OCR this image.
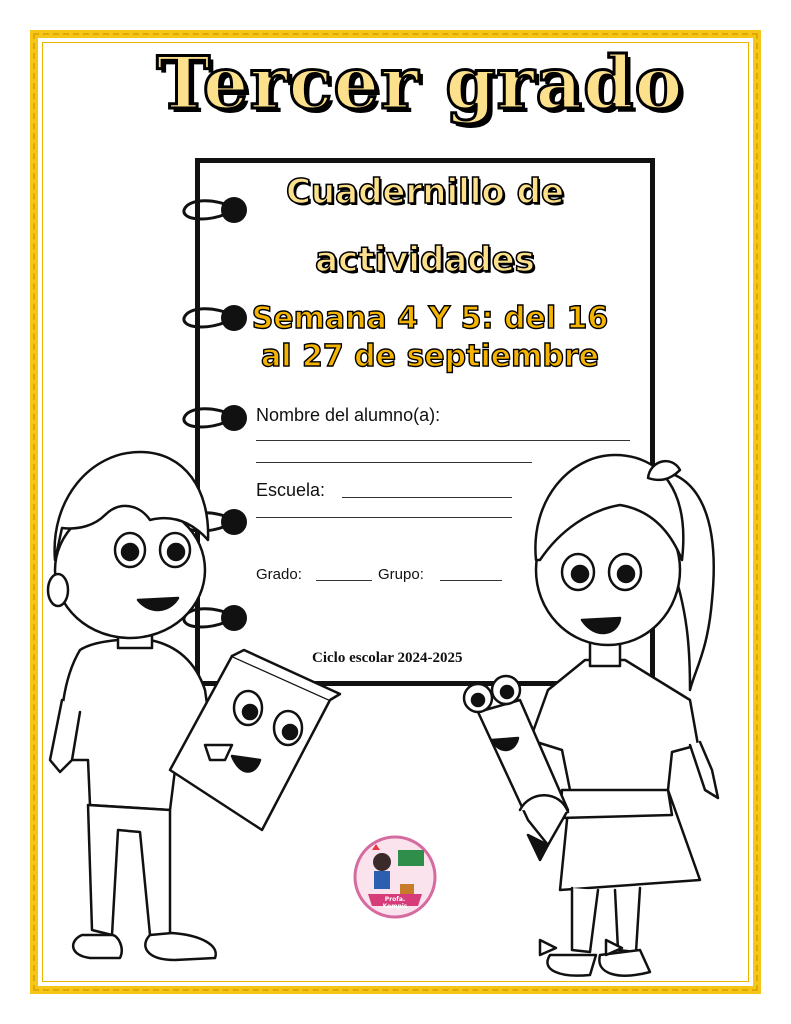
Tercer grado
Cuadernillo de
actividades
Semana 4 Y 5: del 16
al 27 de septiembre
Nombre del alumno(a):
Escuela:
Grado:	Grupo:
Ciclo escolar 2024-2025
Profa.
Kempis
